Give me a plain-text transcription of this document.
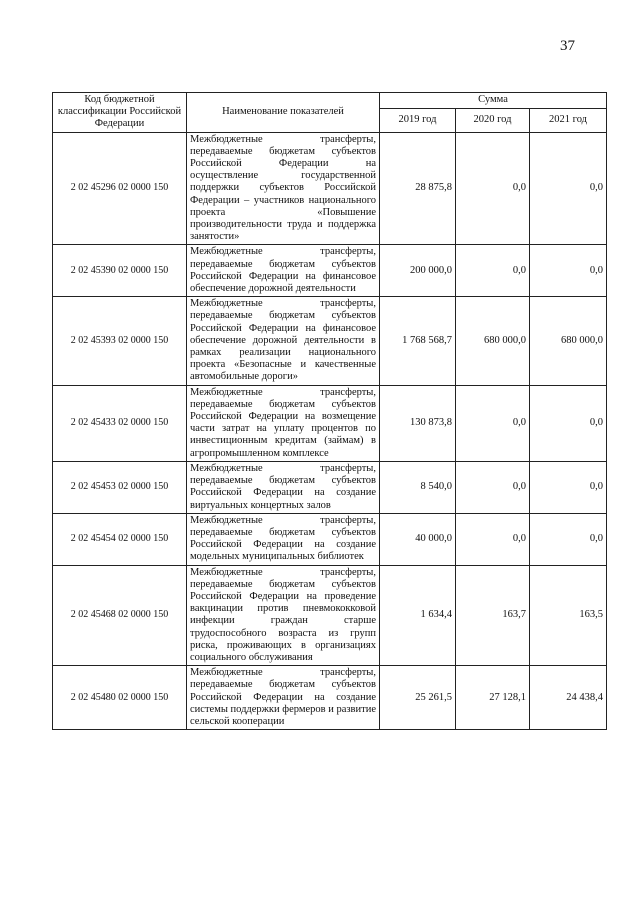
37
Код бюджетной классификации Российской Федерации	Наименование показателей	Сумма		
		2019 год	2020 год	2021 год
2 02 45296 02 0000 150	Межбюджетные трансферты, передаваемые бюджетам субъектов Российской Федерации на осуществление государственной поддержки субъектов Российской Федерации – участников национального проекта «Повышение производительности труда и поддержка занятости»	28 875,8	0,0	0,0
2 02 45390 02 0000 150	Межбюджетные трансферты, передаваемые бюджетам субъектов Российской Федерации на финансовое обеспечение дорожной деятельности	200 000,0	0,0	0,0
2 02 45393 02 0000 150	Межбюджетные трансферты, передаваемые бюджетам субъектов Российской Федерации на финансовое обеспечение дорожной деятельности в рамках реализации национального проекта «Безопасные и качественные автомобильные дороги»	1 768 568,7	680 000,0	680 000,0
2 02 45433 02 0000 150	Межбюджетные трансферты, передаваемые бюджетам субъектов Российской Федерации на возмещение части затрат на уплату процентов по инвестиционным кредитам (займам) в агропромышленном комплексе	130 873,8	0,0	0,0
2 02 45453 02 0000 150	Межбюджетные трансферты, передаваемые бюджетам субъектов Российской Федерации на создание виртуальных концертных залов	8 540,0	0,0	0,0
2 02 45454 02 0000 150	Межбюджетные трансферты, передаваемые бюджетам субъектов Российской Федерации на создание модельных муниципальных библиотек	40 000,0	0,0	0,0
2 02 45468 02 0000 150	Межбюджетные трансферты, передаваемые бюджетам субъектов Российской Федерации на проведение вакцинации против пневмококковой инфекции граждан старше трудоспособного возраста из групп риска, проживающих в организациях социального обслуживания	1 634,4	163,7	163,5
2 02 45480 02 0000 150	Межбюджетные трансферты, передаваемые бюджетам субъектов Российской Федерации на создание системы поддержки фермеров и развитие сельской кооперации	25 261,5	27 128,1	24 438,4
